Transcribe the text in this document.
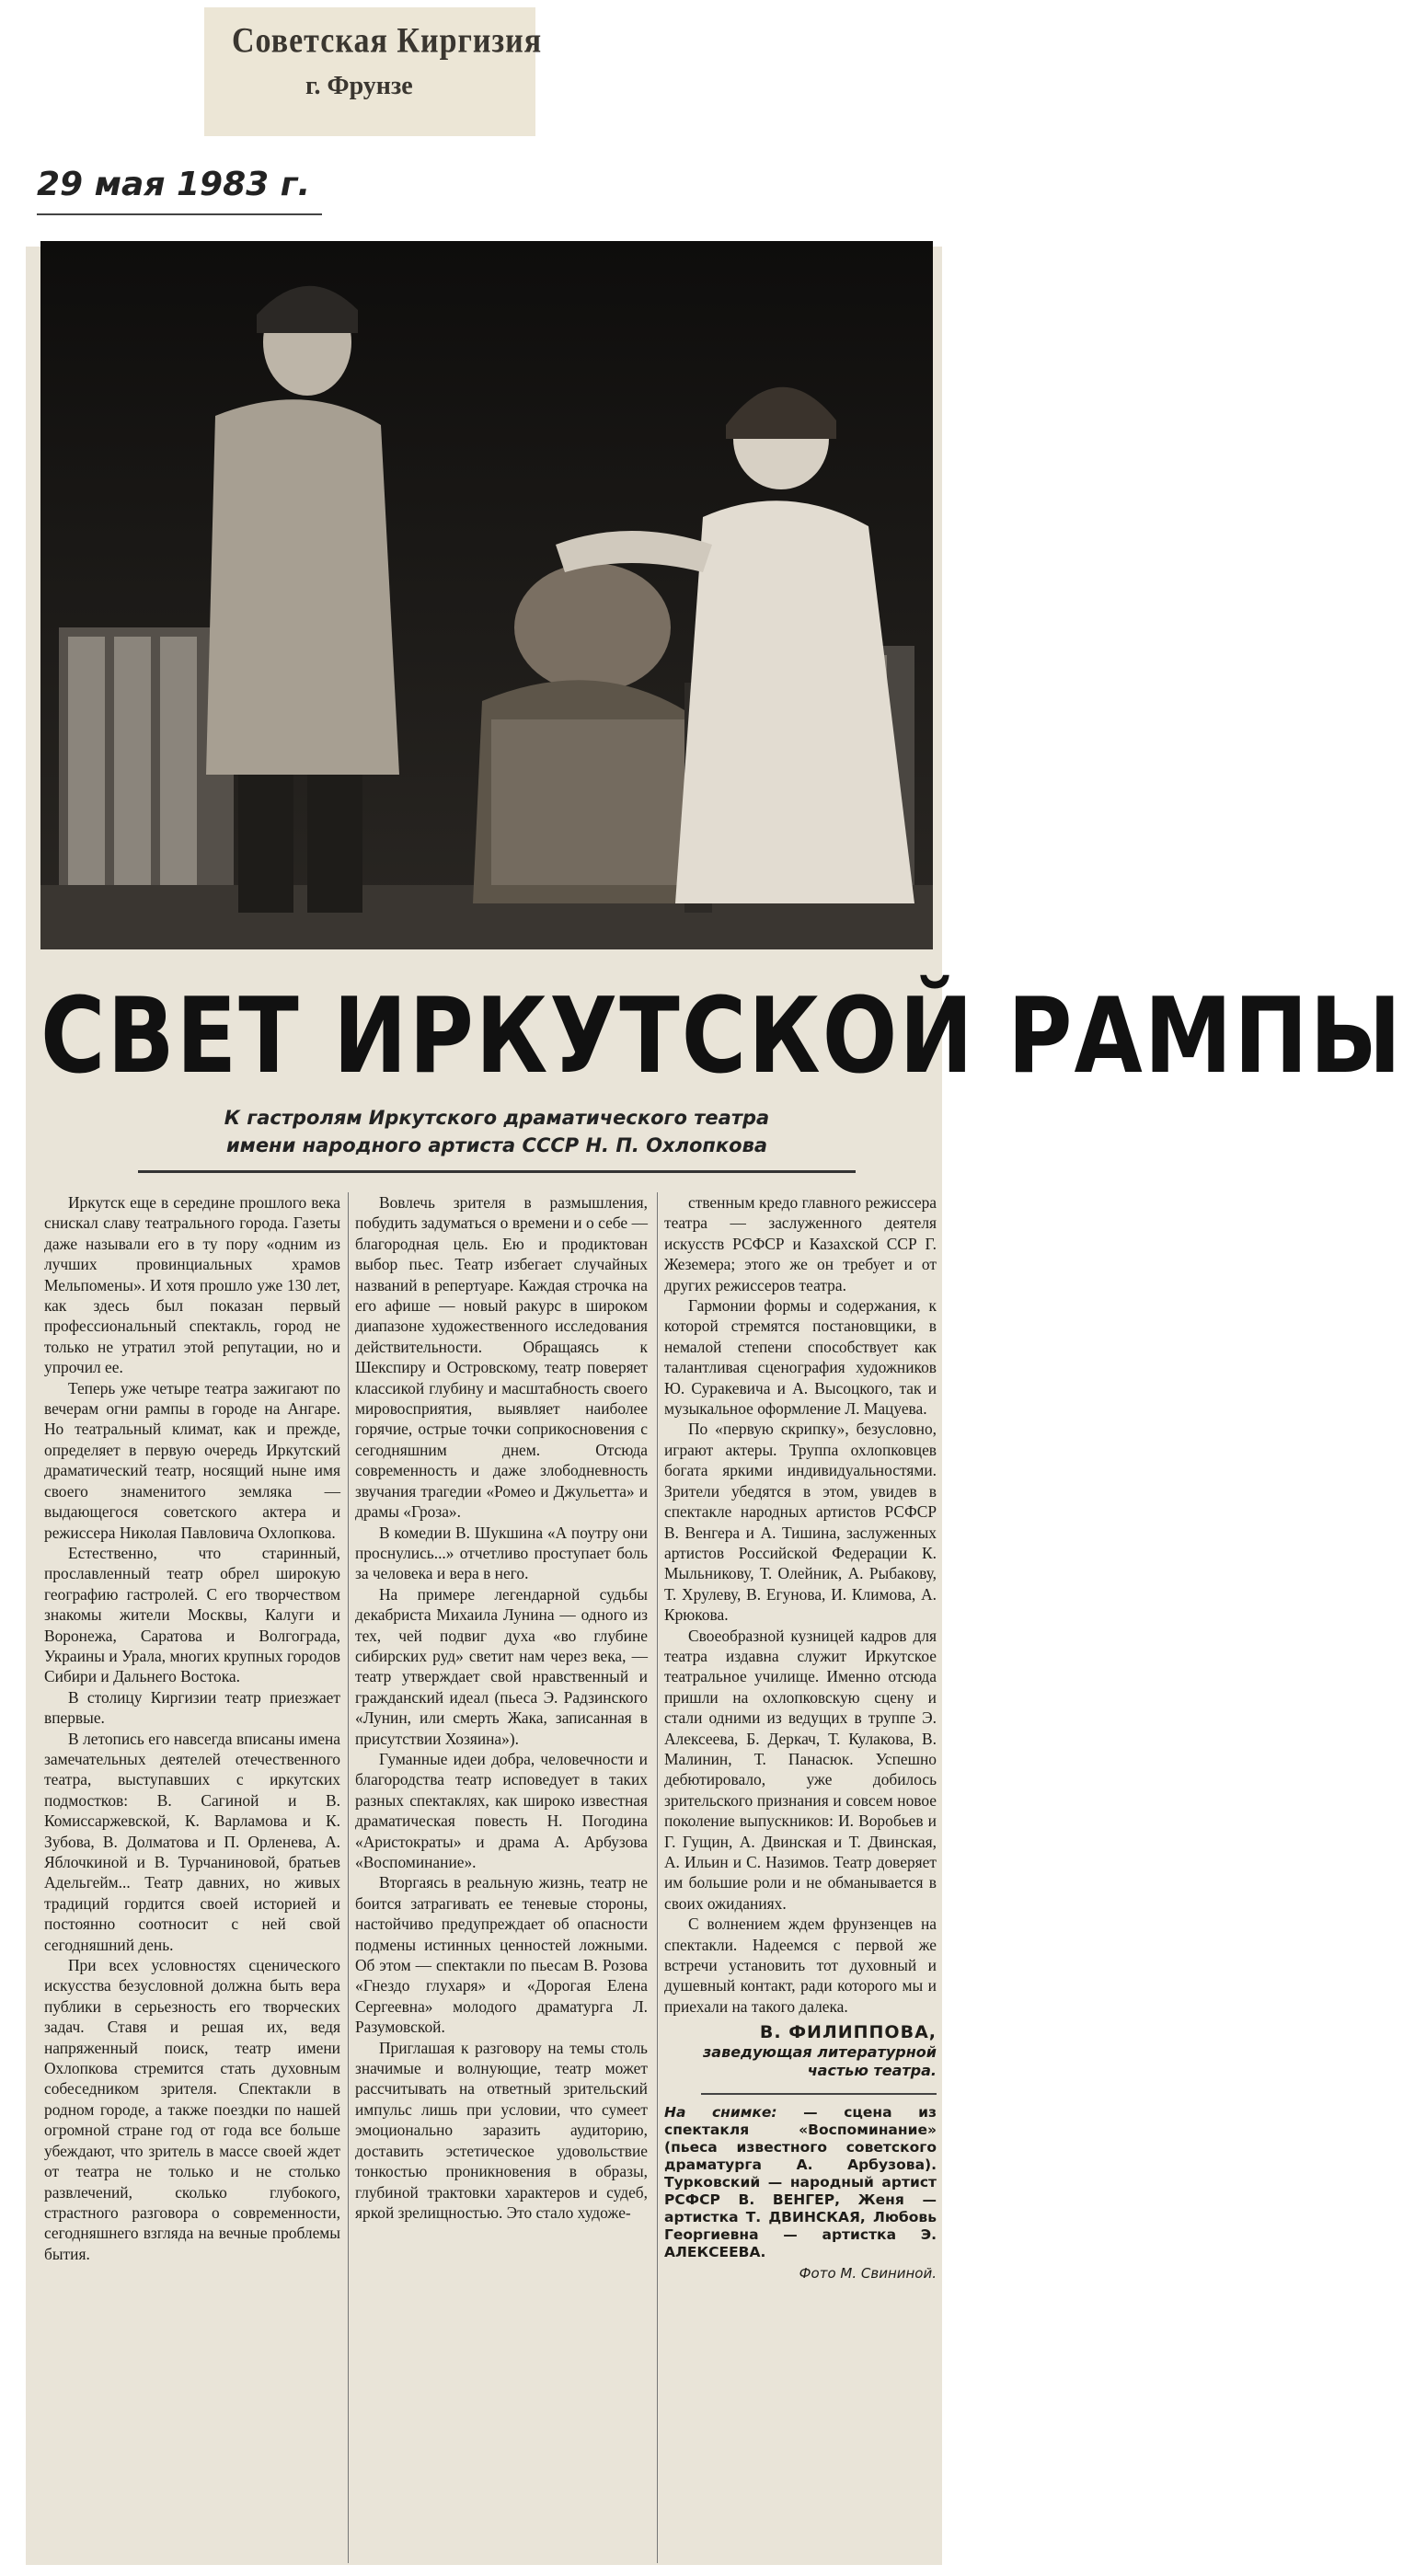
Советская Киргизия
г. Фрунзе
29 мая 1983 г.
СВЕТ ИРКУТСКОЙ РАМПЫ
К гастролям Иркутского драматического театра
имени народного артиста СССР Н. П. Охлопкова

Иркутск еще в середине прошлого века снискал славу театрального города. Газеты даже называли его в ту пору «одним из лучших провинциальных храмов Мельпомены». И хотя прошло уже 130 лет, как здесь был показан первый профессиональный спектакль, город не только не утратил этой репутации, но и упрочил ее.

Теперь уже четыре театра зажигают по вечерам огни рампы в городе на Ангаре. Но театральный климат, как и прежде, определяет в первую очередь Иркутский драматический театр, носящий ныне имя своего знаменитого земляка — выдающегося советского актера и режиссера Николая Павловича Охлопкова.

Естественно, что старинный, прославленный театр обрел широкую географию гастролей. С его творчеством знакомы жители Москвы, Калуги и Воронежа, Саратова и Волгограда, Украины и Урала, многих крупных городов Сибири и Дальнего Востока.

В столицу Киргизии театр приезжает впервые.

В летопись его навсегда вписаны имена замечательных деятелей отечественного театра, выступавших с иркутских подмостков: В. Сагиной и В. Комиссаржевской, К. Варламова и К. Зубова, В. Долматова и П. Орленева, А. Яблочкиной и В. Турчаниновой, братьев Адельгейм... Театр давних, но живых традиций гордится своей историей и постоянно соотносит с ней свой сегодняшний день.

При всех условностях сценического искусства безусловной должна быть вера публики в серьезность его творческих задач. Ставя и решая их, ведя напряженный поиск, театр имени Охлопкова стремится стать духовным собеседником зрителя. Спектакли в родном городе, а также поездки по нашей огромной стране год от года все больше убеждают, что зритель в массе своей ждет от театра не только и не столько развлечений, сколько глубокого, страстного разговора о современности, сегодняшнего взгляда на вечные проблемы бытия.

Вовлечь зрителя в размышления, побудить задуматься о времени и о себе — благородная цель. Ею и продиктован выбор пьес. Театр избегает случайных названий в репертуаре. Каждая строчка на его афише — новый ракурс в широком диапазоне художественного исследования действительности. Обращаясь к Шекспиру и Островскому, театр поверяет классикой глубину и масштабность своего мировосприятия, выявляет наиболее горячие, острые точки соприкосновения с сегодняшним днем. Отсюда современность и даже злободневность звучания трагедии «Ромео и Джульетта» и драмы «Гроза».

В комедии В. Шукшина «А поутру они проснулись...» отчетливо проступает боль за человека и вера в него.

На примере легендарной судьбы декабриста Михаила Лунина — одного из тех, чей подвиг духа «во глубине сибирских руд» светит нам через века, — театр утверждает свой нравственный и гражданский идеал (пьеса Э. Радзинского «Лунин, или смерть Жака, записанная в присутствии Хозяина»).

Гуманные идеи добра, человечности и благородства театр исповедует в таких разных спектаклях, как широко известная драматическая повесть Н. Погодина «Аристократы» и драма А. Арбузова «Воспоминание».

Вторгаясь в реальную жизнь, театр не боится затрагивать ее теневые стороны, настойчиво предупреждает об опасности подмены истинных ценностей ложными. Об этом — спектакли по пьесам В. Розова «Гнездо глухаря» и «Дорогая Елена Сергеевна» молодого драматурга Л. Разумовской.

Приглашая к разговору на темы столь значимые и волнующие, театр может рассчитывать на ответный зрительский импульс лишь при условии, что сумеет эмоционально заразить аудиторию, доставить эстетическое удовольствие тонкостью проникновения в образы, глубиной трактовки характеров и судеб, яркой зрелищностью. Это стало художе-

ственным кредо главного режиссера театра — заслуженного деятеля искусств РСФСР и Казахской ССР Г. Жеземера; этого же он требует и от других режиссеров театра.

Гармонии формы и содержания, к которой стремятся постановщики, в немалой степени способствует как талантливая сценография художников Ю. Суракевича и А. Высоцкого, так и музыкальное оформление Л. Мацуева.

По «первую скрипку», безусловно, играют актеры. Труппа охлопковцев богата яркими индивидуальностями. Зрители убедятся в этом, увидев в спектакле народных артистов РСФСР В. Венгера и А. Тишина, заслуженных артистов Российской Федерации К. Мыльникову, Т. Олейник, А. Рыбакову, Т. Хрулеву, В. Егунова, И. Климова, А. Крюкова.

Своеобразной кузницей кадров для театра издавна служит Иркутское театральное училище. Именно отсюда пришли на охлопковскую сцену и стали одними из ведущих в труппе Э. Алексеева, Б. Деркач, Т. Кулакова, В. Малинин, Т. Панасюк. Успешно дебютировало, уже добилось зрительского признания и совсем новое поколение выпускников: И. Воробьев и Г. Гущин, А. Двинская и Т. Двинская, А. Ильин и С. Назимов. Театр доверяет им большие роли и не обманывается в своих ожиданиях.

С волнением ждем фрунзенцев на спектакли. Надеемся с первой же встречи установить тот духовный и душевный контакт, ради которого мы и приехали на такого далека.

В. ФИЛИППОВА,
заведующая литературной частью театра.
На снимке: — сцена из спектакля «Воспоминание» (пьеса известного советского драматурга А. Арбузова). Турковский — народный артист РСФСР В. ВЕНГЕР, Женя — артистка Т. ДВИНСКАЯ, Любовь Георгиевна — артистка Э. АЛЕКСЕЕВА.
Фото М. Свининой.
